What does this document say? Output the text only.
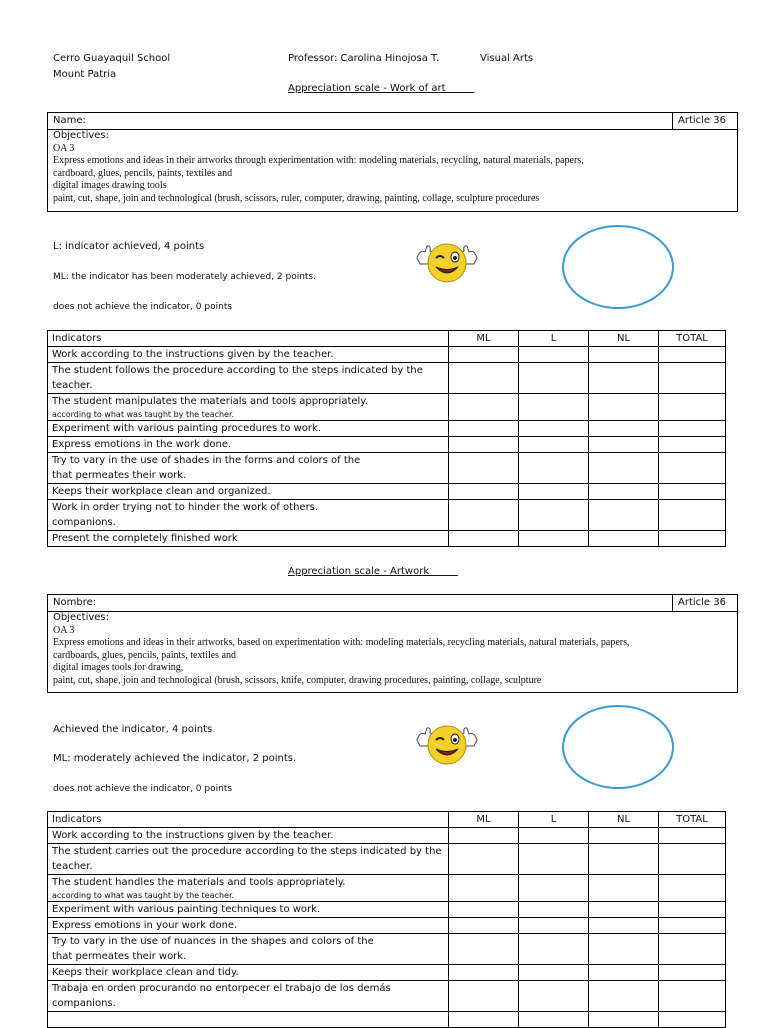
Cerro Guayaquil School
Mount Patria
Professor: Carolina Hinojosa T.	Visual Arts
Appreciation scale - Work of art
Name:	Article 36
Objectives:
OA 3
Express emotions and ideas in their artworks through experimentation with: modeling materials, recycling, natural materials, papers,
cardboard, glues, pencils, paints, textiles and
digital images drawing tools
paint, cut, shape, join and technological (brush, scissors, ruler, computer, drawing, painting, collage, sculpture procedures
L: indicator achieved, 4 points
ML: the indicator has been moderately achieved, 2 points.
does not achieve the indicator, 0 points
Indicators	ML	L	NL	TOTAL
Work according to the instructions given by the teacher.				
The student follows the procedure according to the steps indicated by the
teacher.				
The student manipulates the materials and tools appropriately.
according to what was taught by the teacher.				

Experiment with various painting procedures to work.				
Express emotions in the work done.				
Try to vary in the use of shades in the forms and colors of the
that permeates their work.				
Keeps their workplace clean and organized.				
Work in order trying not to hinder the work of others.
companions.				
Present the completely finished work				
Appreciation scale - Artwork
Nombre:	Article 36
Objectives:
OA 3
Express emotions and ideas in their artworks, based on experimentation with: modeling materials, recycling materials, natural materials, papers,
cardboards, glues, pencils, paints, textiles and
digital images tools for drawing,
paint, cut, shape, join and technological (brush, scissors, knife, computer, drawing procedures, painting, collage, sculpture
Achieved the indicator, 4 points
ML: moderately achieved the indicator, 2 points.
does not achieve the indicator, 0 points
Indicators	ML	L	NL	TOTAL
Work according to the instructions given by the teacher.				
The student carries out the procedure according to the steps indicated by the
teacher.				
The student handles the materials and tools appropriately.
according to what was taught by the teacher.				

Experiment with various painting techniques to work.				
Express emotions in your work done.				
Try to vary in the use of nuances in the shapes and colors of the
that permeates their work.				
Keeps their workplace clean and tidy.				
Trabaja en orden procurando no entorpecer el trabajo de los demás
companions.				
